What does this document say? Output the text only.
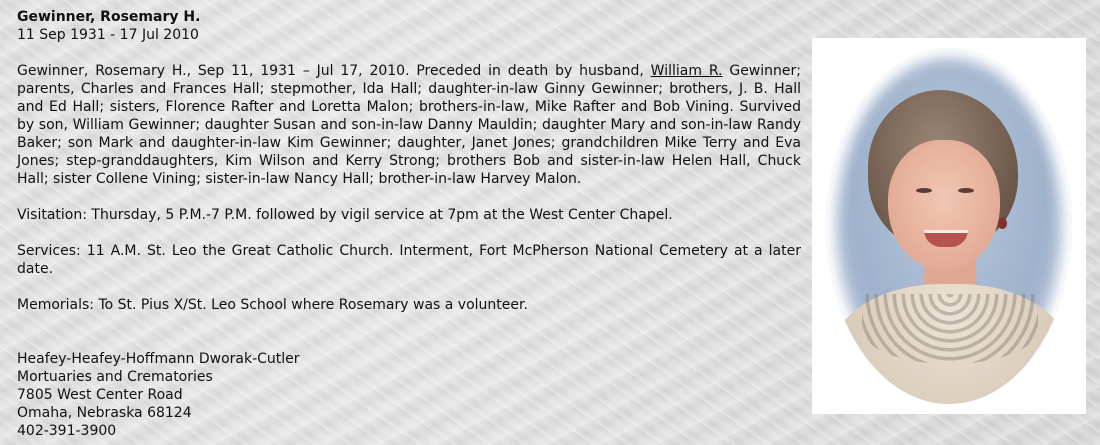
Gewinner, Rosemary H.

11 Sep 1931 - 17 Jul 2010

Gewinner, Rosemary H., Sep 11, 1931 – Jul 17, 2010. Preceded in death by husband, William R. Gewinner; parents, Charles and Frances Hall; stepmother, Ida Hall; daughter-in-law Ginny Gewinner; brothers, J. B. Hall and Ed Hall; sisters, Florence Rafter and Loretta Malon; brothers-in-law, Mike Rafter and Bob Vining. Survived by son, William Gewinner; daughter Susan and son-in-law Danny Mauldin; daughter Mary and son-in-law Randy Baker; son Mark and daughter-in-law Kim Gewinner; daughter, Janet Jones; grandchildren Mike Terry and Eva Jones; step-granddaughters, Kim Wilson and Kerry Strong; brothers Bob and sister-in-law Helen Hall, Chuck Hall; sister Collene Vining; sister-in-law Nancy Hall; brother-in-law Harvey Malon.

Visitation: Thursday, 5 P.M.-7 P.M. followed by vigil service at 7pm at the West Center Chapel.

Services: 11 A.M. St. Leo the Great Catholic Church. Interment, Fort McPherson National Cemetery at a later date.

Memorials: To St. Pius X/St. Leo School where Rosemary was a volunteer.

Heafey-Heafey-Hoffmann Dworak-Cutler
Mortuaries and Crematories
7805 West Center Road
Omaha, Nebraska 68124
402-391-3900
